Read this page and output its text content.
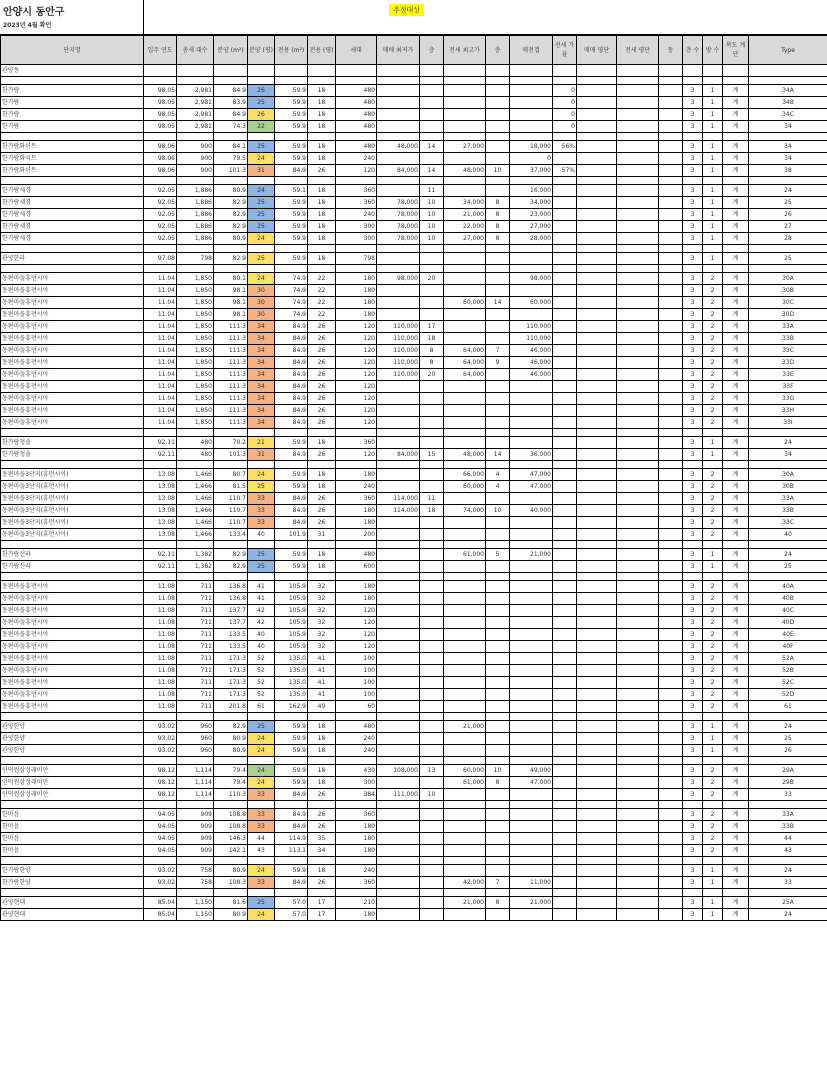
안양시 동안구
2023년 4월 확인
추정대상
단지명	입주 연도	총세 대수	분양 (m²)	분양 (평)	전용 (m²)	전용 (평)	세대	매매 최저가	층	전세 최고가	층	매전갭	전세 가율	매매 평단	전세 평단	동	층 수	방 수	복도 계단	Type
관양동																				

한가람	98.05	2,981	84.9	26	59.9	18	480						0				3	1	계	34A
한가람	98.05	2,981	83.9	25	59.9	18	480						0				3	1	계	34B
한가람	98.05	2,981	84.9	26	59.9	18	480						0				3	1	계	34C
한가람	98.05	2,981	74.3	22	59.9	18	480						0				3	1	계	34

한가람화이트	98.06	900	84.1	25	59.9	18	480	48,000	14	27,000		18,000	56%				3	1	계	34
한가람화이트	98.06	900	79.5	24	59.9	18	240					0					3	1	계	34
한가람화이트	98.06	900	101.3	31	84.9	26	120	84,000	14	48,000	10	37,000	57%				3	1	계	38

한가람세경	92.05	1,886	80.9	24	59.1	18	360		11			16,000					3	1	계	24
한가람세경	92.05	1,886	82.9	25	59.9	18	360	78,000	10	34,000	8	34,000					3	1	계	25
한가람세경	92.05	1,886	82.9	25	59.9	18	240	78,000	10	21,000	8	23,000					3	1	계	26
한가람세경	92.05	1,886	82.9	25	59.9	18	300	78,000	10	22,000	8	27,000					3	1	계	27
한가람세경	92.05	1,886	80.9	24	59.9	18	300	78,000	10	27,000	8	28,000					3	1	계	28

관양한라	97.08	798	82.9	25	59.9	18	798										3	1	계	25

동편마을휴먼시아	11.04	1,850	80.1	24	74.9	22	180	98,000	20			98,000					3	2	계	30A
동편마을휴먼시아	11.04	1,850	98.1	30	74.9	22	180										3	2	계	30B
동편마을휴먼시아	11.04	1,850	98.1	30	74.9	22	180			60,000	14	60,000					3	2	계	30C
동편마을휴먼시아	11.04	1,850	98.1	30	74.9	22	180										3	2	계	30D
동편마을휴먼시아	11.04	1,850	111.3	34	84.9	26	120	110,000	17			110,000					3	2	계	33A
동편마을휴먼시아	11.04	1,850	111.3	34	84.9	26	120	110,000	18			110,000					3	2	계	33B
동편마을휴먼시아	11.04	1,850	111.3	34	84.9	26	120	110,000	8	64,000	7	46,000					3	2	계	33C
동편마을휴먼시아	11.04	1,850	111.3	34	84.9	26	120	110,000	8	64,000	9	46,000					3	2	계	33D
동편마을휴먼시아	11.04	1,850	111.3	34	84.9	26	120	110,000	20	64,000		46,000					3	2	계	33E
동편마을휴먼시아	11.04	1,850	111.3	34	84.9	26	120										3	2	계	33F
동편마을휴먼시아	11.04	1,850	111.3	34	84.9	26	120										3	2	계	33G
동편마을휴먼시아	11.04	1,850	111.3	34	84.9	26	120										3	2	계	33H
동편마을휴먼시아	11.04	1,850	111.3	34	84.9	26	120										3	2	계	33I

한가람청솔	92.11	480	70.2	21	59.9	18	360										3	1	계	24
한가람청솔	92.11	480	101.3	31	84.9	26	120	84,000	15	48,000	14	36,000					3	1	계	34

동편마을3단지(휴먼시아)	13.08	1,466	80.7	24	59.9	18	180			66,000	4	47,000					3	2	계	30A
동편마을3단지(휴먼시아)	13.08	1,466	81.5	25	59.9	18	240			60,000	4	47,000					3	2	계	30B
동편마을3단지(휴먼시아)	13.08	1,466	110.7	33	84.9	26	360	114,000	11								3	2	계	33A
동편마을3단지(휴먼시아)	13.08	1,466	110.7	33	84.9	26	180	114,000	18	74,000	10	40,000					3	2	계	33B
동편마을3단지(휴먼시아)	13.08	1,466	110.7	33	84.9	26	180										3	2	계	33C
동편마을3단지(휴먼시아)	13.08	1,466	133.4	40	101.9	31	200										3	2	계	40

한가람신라	92.11	1,382	82.9	25	59.9	18	480			61,000	5	21,000					3	1	계	24
한가람신라	92.11	1,382	82.9	25	59.9	18	600										3	1	계	25

동편마을휴먼시아	11.08	711	136.8	41	105.9	32	180										3	2	계	40A
동편마을휴먼시아	11.08	711	136.8	41	105.9	32	180										3	2	계	40B
동편마을휴먼시아	11.08	711	137.7	42	105.9	32	120										3	2	계	40C
동편마을휴먼시아	11.08	711	137.7	42	105.9	32	120										3	2	계	40D
동편마을휴먼시아	11.08	711	133.5	40	105.9	32	120										3	2	계	40E
동편마을휴먼시아	11.08	711	133.5	40	105.9	32	120										3	2	계	40F
동편마을휴먼시아	11.08	711	171.3	52	135.0	41	100										3	2	계	52A
동편마을휴먼시아	11.08	711	171.3	52	135.0	41	100										3	2	계	52B
동편마을휴먼시아	11.08	711	171.3	52	135.0	41	100										3	2	계	52C
동편마을휴먼시아	11.08	711	171.3	52	135.0	41	100										3	2	계	52D
동편마을휴먼시아	11.08	711	201.8	61	162.9	49	60										3	2	계	61

관양한양	93.02	960	82.9	25	59.9	18	480			21,000							3	1	계	24
관양한양	93.02	960	80.9	24	59.9	18	240										3	1	계	25
관양한양	93.02	960	80.9	24	59.9	18	240										3	1	계	26

인덕원삼성래미안	98.12	1,114	79.4	24	59.9	18	430	108,000	13	60,000	10	49,000					3	2	계	29A
인덕원삼성래미안	98.12	1,114	79.4	24	59.9	18	300			61,000	8	47,000					3	2	계	29B
인덕원삼성래미안	98.12	1,114	110.3	33	84.9	26	384	111,000	10								3	2	계	33

한마음	94.05	909	108.8	33	84.9	26	360										3	2	계	33A
한마음	94.05	909	108.8	33	84.9	26	180										3	2	계	33B
한마음	94.05	909	146.3	44	114.9	35	180										3	2	계	44
한마음	94.05	909	142.1	43	113.1	34	180										3	2	계	43

한가람한양	93.02	758	80.9	24	59.9	18	240										3	1	계	24
한가람한양	93.02	758	108.3	33	84.9	26	360			42,000	7	11,000					3	1	계	33

관양현대	85.04	1,150	81.6	25	57.0	17	210			21,000	8	21,000					3	1	계	25A
관양현대	85.04	1,150	80.9	24	57.0	17	180										3	1	계	24
